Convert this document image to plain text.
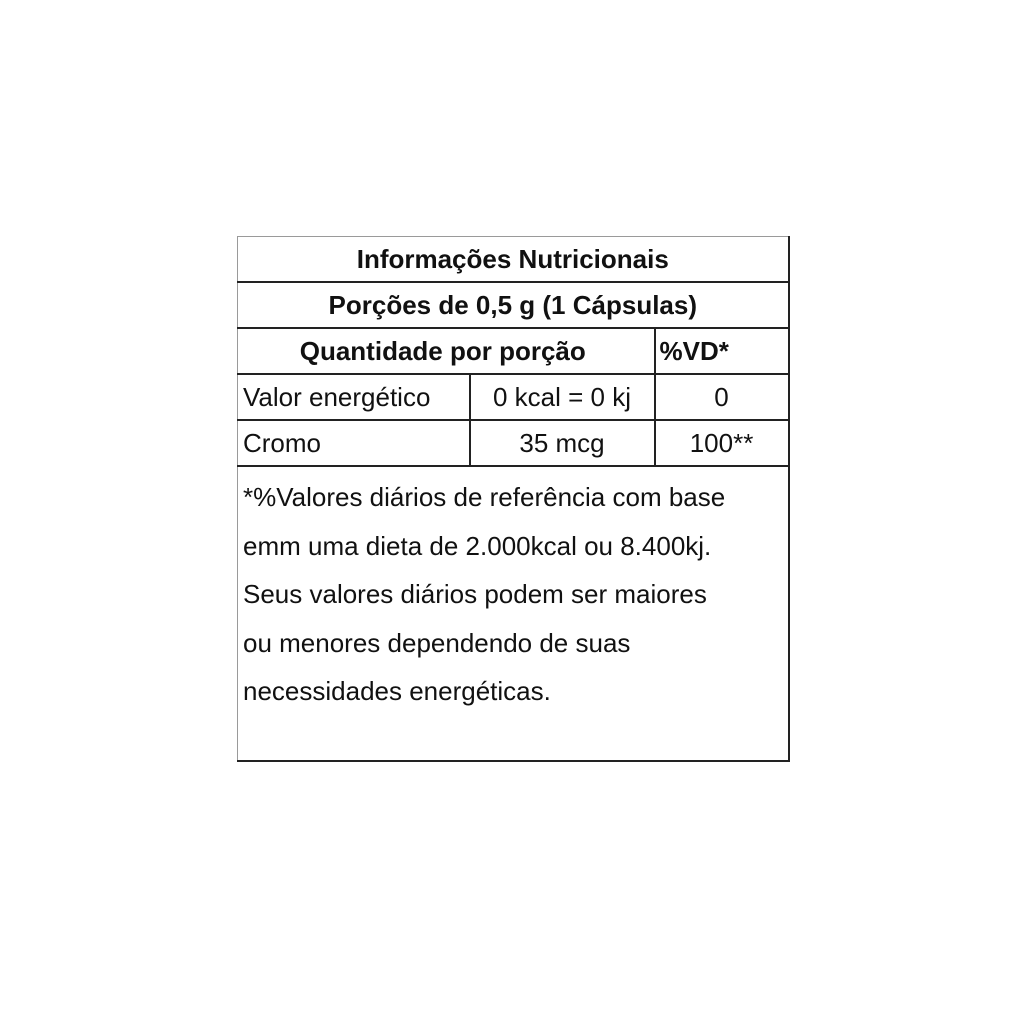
Informações Nutricionais		
Porções de 0,5 g (1 Cápsulas)		
Quantidade por porção		%VD*
Valor energético	0 kcal = 0 kj	0
Cromo	35 mcg	100**

*%Valores diários de referência com base
emm uma dieta de 2.000kcal ou 8.400kj.
Seus valores diários podem ser maiores
ou menores dependendo de suas
necessidades energéticas.		
